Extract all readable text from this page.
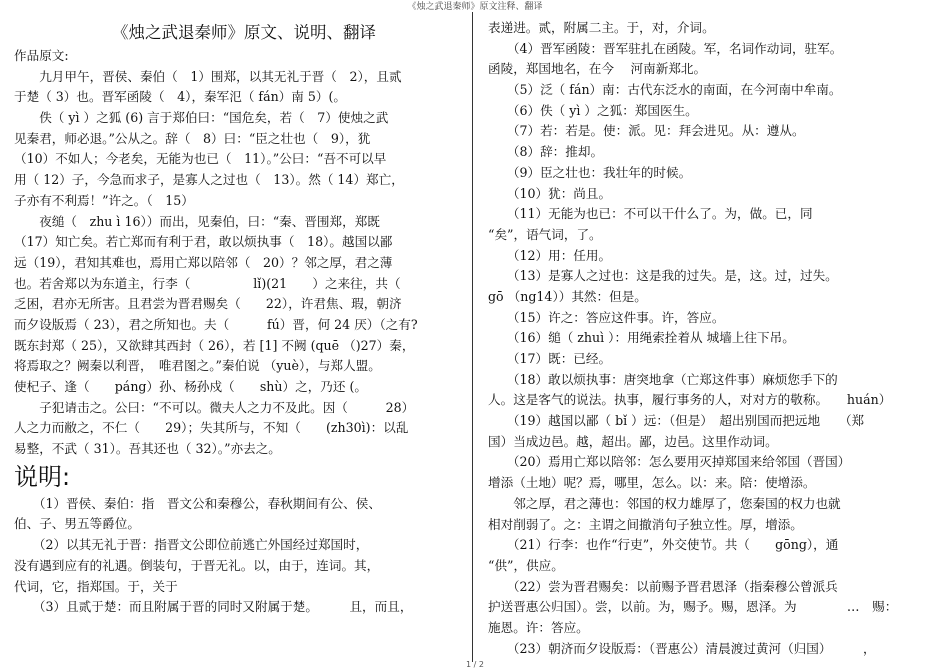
《烛之武退秦师》原文注释、翻译
《烛之武退秦师》原文、说明、翻译
作品原文:
　　九月甲午，晋侯、秦伯（　1）围郑，以其无礼于晋（　2），且贰
于楚（ 3）也。晋军函陵（　4），秦军氾（ fán）南 5）(。
　　佚（ yì ）之狐 (6) 言于郑伯曰：“国危矣，若（　7）使烛之武
见秦君，师必退。”公从之。辞（　8）曰：“臣之壮也（　9），犹
（10）不如人；今老矣，无能为也已（　11）。”公曰：“吾不可以早
用（ 12）子，今急而求子，是寡人之过也（　13）。然（ 14）郑亡，
子亦有不利焉！”许之。（　15）
　　夜缒（　zhu ì 16））而出，见秦伯，曰：“秦、晋围郑，郑既
（17）知亡矣。若亡郑而有利于君，敢以烦执事（　18）。越国以鄙
远（19），君知其难也，焉用亡郑以陪邻（　20）？邻之厚，君之薄
也。若舍郑以为东道主，行李（　　　　　lǐ)(21　　）之来往，共（
乏困，君亦无所害。且君尝为晋君赐矣（　　22），许君焦、瑕，朝济
而夕设版焉（ 23），君之所知也。夫（　　　fú）晋，何 24 厌）（之有?
既东封郑（ 25），又欲肆其西封（ 26），若 [1] 不阙 (quē （)27）秦，
将焉取之？阙秦以利晋，　唯君图之。”秦伯说 （yuè），与郑人盟。
使杞子、逢（　　páng）孙、杨孙戍（　　shù）之，乃还 (。
　　子犯请击之。公曰：“不可以。微夫人之力不及此。因（　　　28）
人之力而敝之，不仁（　　29）；失其所与，不知（　　(zh30ì)：以乱
易整，不武（ 31）。吾其还也（ 32）。”亦去之。
说明:
　　（1）晋侯、秦伯：指　晋文公和秦穆公，春秋期间有公、侯、
伯、子、男五等爵位。
　　（2）以其无礼于晋：指晋文公即位前逃亡外国经过郑国时，
没有遇到应有的礼遇。倒装句，于晋无礼。以，由于，连词。其，
代词，它，指郑国。于，关于
　　（3）且贰于楚：而且附属于晋的同时又附属于楚。　　　且，而且，
表递进。贰，附属二主。于，对，介词。
　　（4）晋军函陵：晋军驻扎在函陵。军，名词作动词，驻军。
函陵，郑国地名，在今　 河南新郑北。
　　（5）泛（ fán）南：古代东泛水的南面，在今河南中牟南。
　　（6）佚（ yì ）之狐：郑国医生。
　　（7）若：若是。使：派。见：拜会进见。从：遵从。
　　（8）辞：推却。
　　（9）臣之壮也：我壮年的时候。
　　（10）犹：尚且。
　　（11）无能为也已：不可以干什么了。为，做。已，同
“矣”，语气词，了。
　　（12）用：任用。
　　（13）是寡人之过也：这是我的过失。是，这。过，过失。
gō （ng14））其然：但是。
　　（15）许之：答应这件事。许，答应。
　　（16）缒（ zhuì ）：用绳索拴着从 城墙上往下吊。
　　（17）既：已经。
　　（18）敢以烦执事：唐突地拿（亡郑这件事）麻烦您手下的
人。这是客气的说法。执事，履行事务的人，对对方的敬称。　　huán）
　　（19）越国以鄙（ bǐ ）远：（但是）　超出别国而把远地　　（郑
国）当成边邑。越，超出。鄙，边邑。这里作动词。
　　（20）焉用亡郑以陪邻：怎么要用灭掉郑国来给邻国（晋国）
增添（土地）呢？焉，哪里，怎么。以：来。陪：使增添。
　　邻之厚，君之薄也：邻国的权力雄厚了，您秦国的权力也就
相对削弱了。之：主谓之间撤消句子独立性。厚，增添。
　　（21）行李：也作“行吏”，外交使节。共（　　gōng），通
“供”，供应。
　　（22）尝为晋君赐矣：以前赐予晋君恩泽（指秦穆公曾派兵
护送晋惠公归国）。尝，以前。为，赐予。赐，恩泽。为　　　　…　赐：
施恩。许：答应。
　　（23）朝济而夕设版焉：（晋惠公）清晨渡过黄河（归国）　　　，
1 / 2
